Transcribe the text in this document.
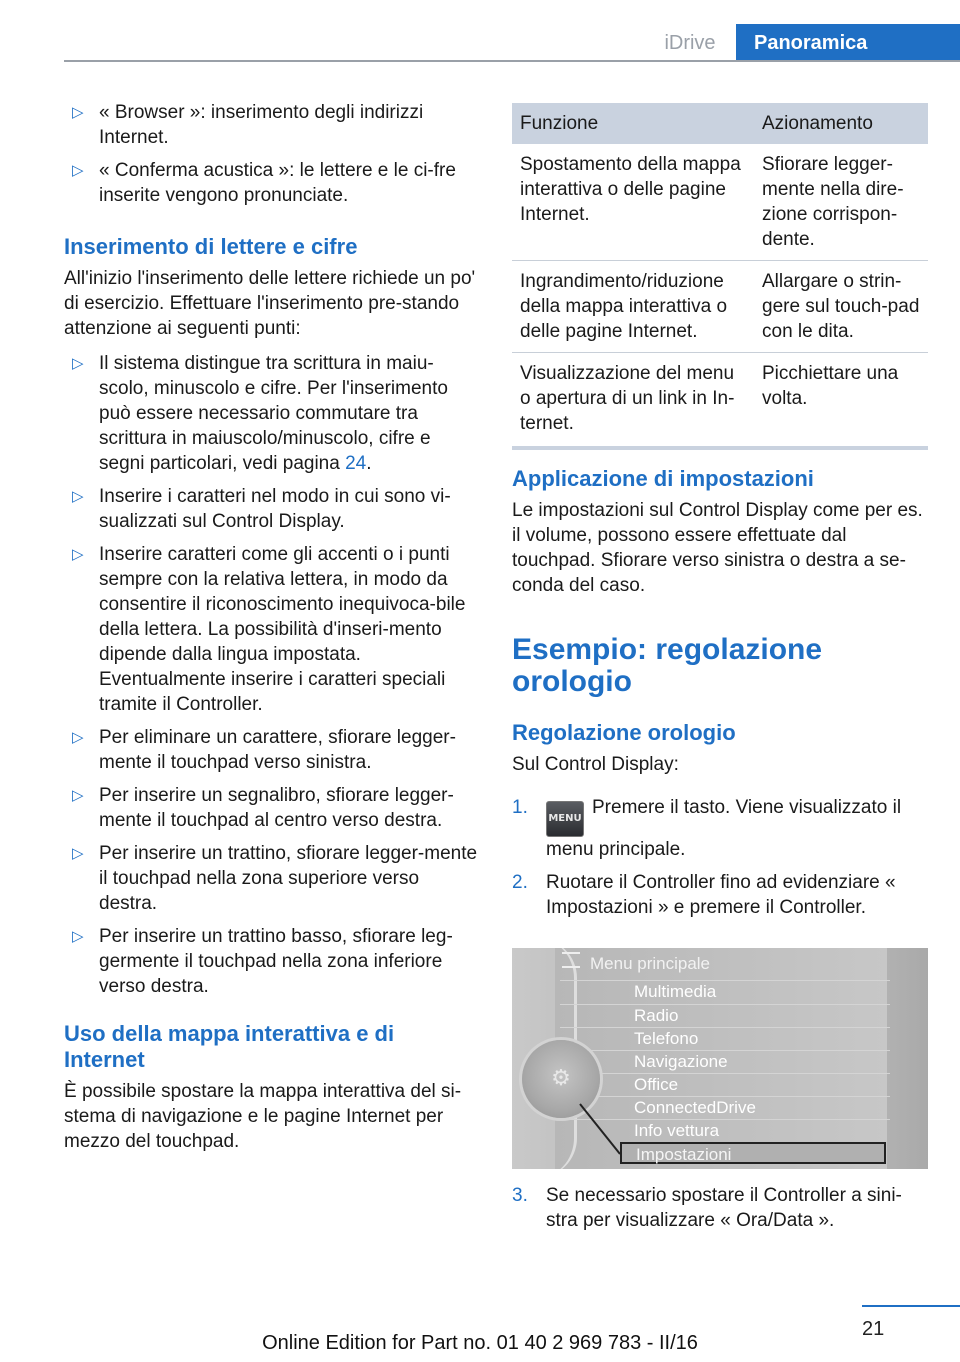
iDrive	Panoramica
▷ « Browser »: inserimento degli indirizzi Internet.
▷ « Conferma acustica »: le lettere e le ci-fre inserite vengono pronunciate.
Inserimento di lettere e cifre

All'inizio l'inserimento delle lettere richiede un po' di esercizio. Effettuare l'inserimento pre-stando attenzione ai seguenti punti:

▷ Il sistema distingue tra scrittura in maiu-scolo, minuscolo e cifre. Per l'inserimento può essere necessario commutare tra scrittura in maiuscolo/minuscolo, cifre e segni particolari, vedi pagina 24.
▷ Inserire i caratteri nel modo in cui sono vi-sualizzati sul Control Display.
▷ Inserire caratteri come gli accenti o i punti sempre con la relativa lettera, in modo da consentire il riconoscimento inequivoca-bile della lettera. La possibilità d'inseri-mento dipende dalla lingua impostata. Eventualmente inserire i caratteri speciali tramite il Controller.
▷ Per eliminare un carattere, sfiorare legger-mente il touchpad verso sinistra.
▷ Per inserire un segnalibro, sfiorare legger-mente il touchpad al centro verso destra.
▷ Per inserire un trattino, sfiorare legger-mente il touchpad nella zona superiore verso destra.
▷ Per inserire un trattino basso, sfiorare leg-germente il touchpad nella zona inferiore verso destra.
Uso della mappa interattiva e di Internet

È possibile spostare la mappa interattiva del si-stema di navigazione e le pagine Internet per mezzo del touchpad.

Funzione	Azionamento
Spostamento della mappa interattiva o delle pagine Internet.	Sfiorare legger-mente nella dire-zione corrispon-dente.
Ingrandimento/riduzione della mappa interattiva o delle pagine Internet.	Allargare o strin-gere sul touch-pad con le dita.
Visualizzazione del menu o apertura di un link in In-ternet.	Picchiettare una volta.
Applicazione di impostazioni

Le impostazioni sul Control Display come per es. il volume, possono essere effettuate dal touchpad. Sfiorare verso sinistra o destra a se-conda del caso.

Esempio: regolazione orologio
Regolazione orologio

Sul Control Display:

1.
MENUPremere il tasto. Viene visualizzato il menu principale.
2. Ruotare il Controller fino ad evidenziare « Impostazioni » e premere il Controller.
Menu principale
Multimedia
Radio
Telefono
Navigazione
Office
ConnectedDrive
Info vettura
Impostazioni
⚙
3. Se necessario spostare il Controller a sini-stra per visualizzare « Ora/Data ».
21
Online Edition for Part no. 01 40 2 969 783 - II/16
